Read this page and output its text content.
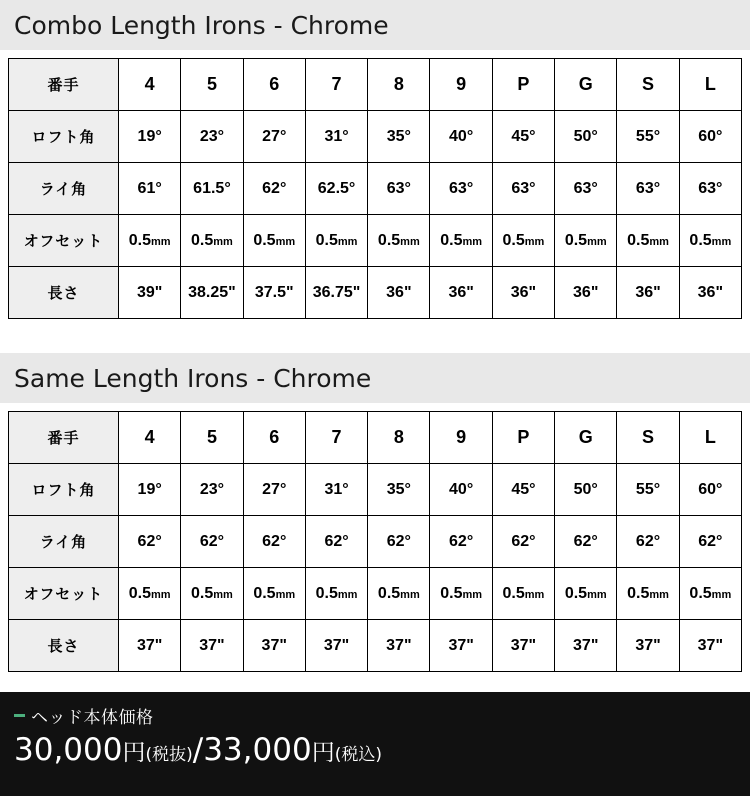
Combo Length Irons - Chrome
番手	4	5	6	7	8	9	P	G	S	L
ロフト角	19°	23°	27°	31°	35°	40°	45°	50°	55°	60°
ライ角	61°	61.5°	62°	62.5°	63°	63°	63°	63°	63°	63°
オフセット	0.5mm	0.5mm	0.5mm	0.5mm	0.5mm	0.5mm	0.5mm	0.5mm	0.5mm	0.5mm
長さ	39"	38.25"	37.5"	36.75"	36"	36"	36"	36"	36"	36"
Same Length Irons - Chrome
番手	4	5	6	7	8	9	P	G	S	L
ロフト角	19°	23°	27°	31°	35°	40°	45°	50°	55°	60°
ライ角	62°	62°	62°	62°	62°	62°	62°	62°	62°	62°
オフセット	0.5mm	0.5mm	0.5mm	0.5mm	0.5mm	0.5mm	0.5mm	0.5mm	0.5mm	0.5mm
長さ	37"	37"	37"	37"	37"	37"	37"	37"	37"	37"
ヘッド本体価格
30,000円(税抜)/33,000円(税込)
